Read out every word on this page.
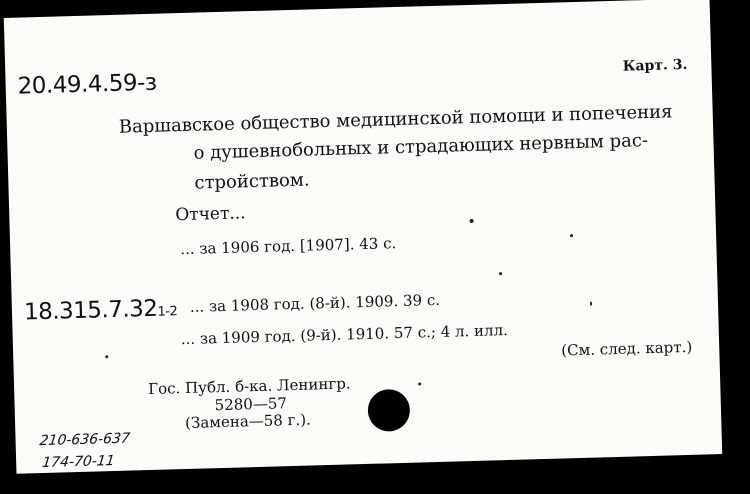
20.49.4.59-з
Карт. 3.
Варшавское общество медицинской помощи и попечения
о душевнобольных и страдающих нервным рас-
стройством.
Отчет...
... за 1906 год. [1907]. 43 с.
18.315.7.321-2 ... за 1908 год. (8-й). 1909. 39 с.
... за 1909 год. (9-й). 1910. 57 с.; 4 л. илл.
(См. след. карт.)
Гос. Публ. б-ка. Ленингр.
5280—57
(Замена—58 г.).
210-636-637
174-70-11
